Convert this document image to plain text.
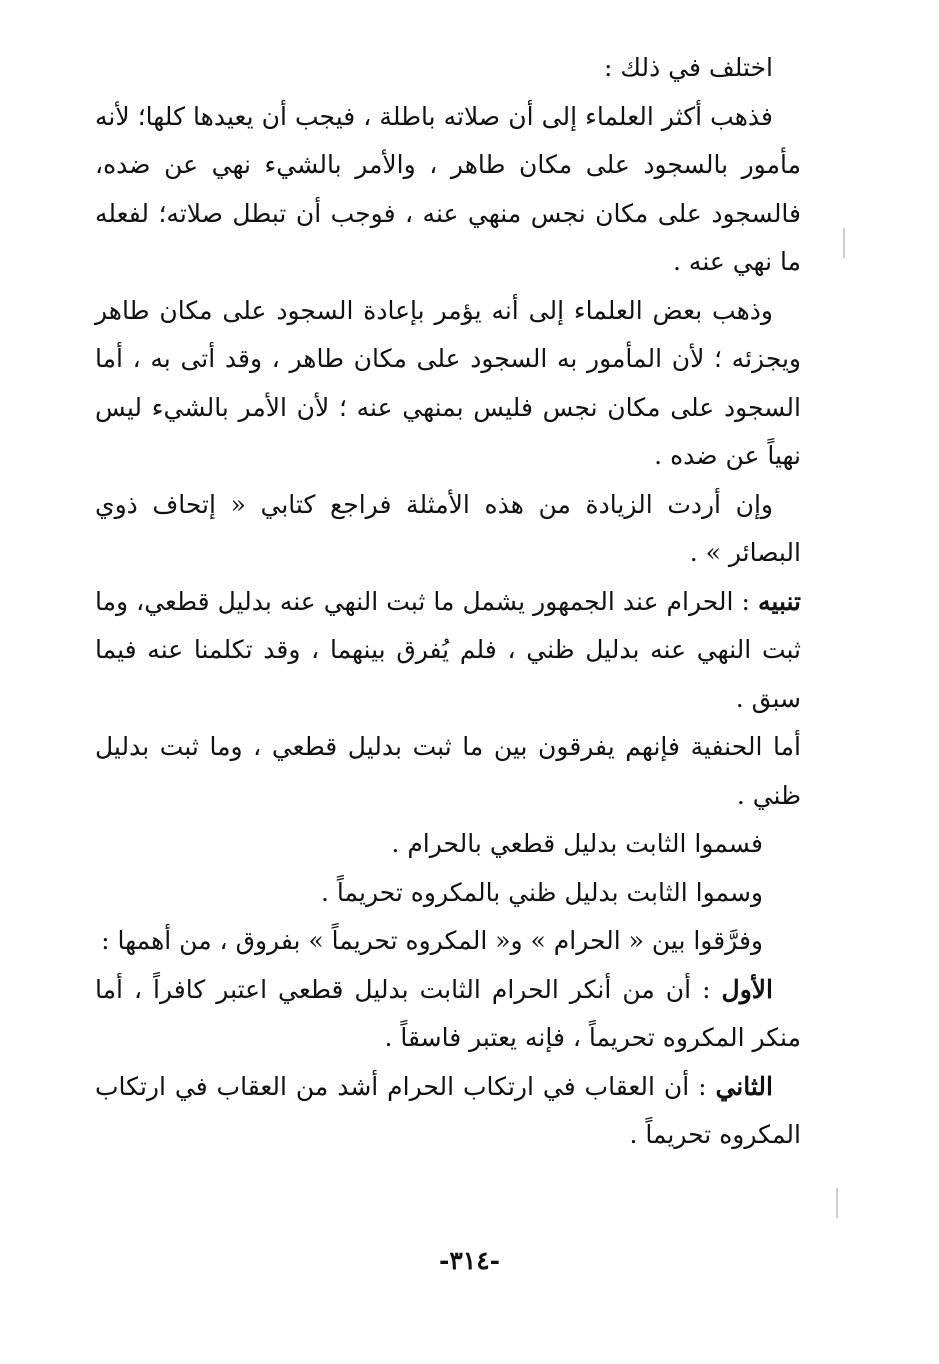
اختلف في ذلك :

فذهب أكثر العلماء إلى أن صلاته باطلة ، فيجب أن يعيدها كلها؛ لأنه مأمور بالسجود على مكان طاهر ، والأمر بالشيء نهي عن ضده، فالسجود على مكان نجس منهي عنه ، فوجب أن تبطل صلاته؛ لفعله ما نهي عنه .

وذهب بعض العلماء إلى أنه يؤمر بإعادة السجود على مكان طاهر ويجزئه ؛ لأن المأمور به السجود على مكان طاهر ، وقد أتى به ، أما السجود على مكان نجس فليس بمنهي عنه ؛ لأن الأمر بالشيء ليس نهياً عن ضده .

وإن أردت الزيادة من هذه الأمثلة فراجع كتابي « إتحاف ذوي البصائر » .

تنبيه : الحرام عند الجمهور يشمل ما ثبت النهي عنه بدليل قطعي، وما ثبت النهي عنه بدليل ظني ، فلم يُفرق بينهما ، وقد تكلمنا عنه فيما سبق .

أما الحنفية فإنهم يفرقون بين ما ثبت بدليل قطعي ، وما ثبت بدليل ظني .

فسموا الثابت بدليل قطعي بالحرام .

وسموا الثابت بدليل ظني بالمكروه تحريماً .

وفرَّقوا بين « الحرام » و« المكروه تحريماً » بفروق ، من أهمها :

الأول : أن من أنكر الحرام الثابت بدليل قطعي اعتبر كافراً ، أما منكر المكروه تحريماً ، فإنه يعتبر فاسقاً .

الثاني : أن العقاب في ارتكاب الحرام أشد من العقاب في ارتكاب المكروه تحريماً .

-٣١٤-
